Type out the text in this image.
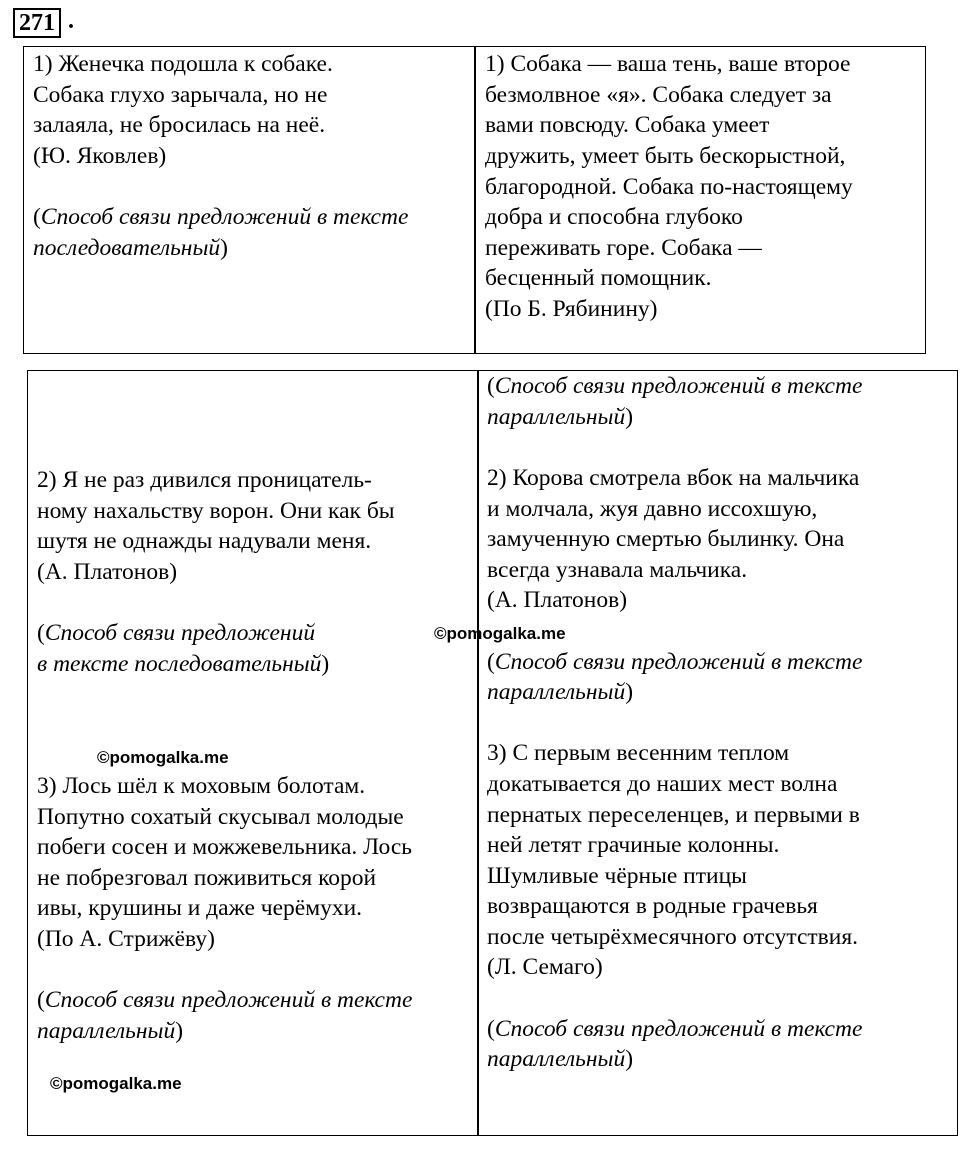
271 .
1) Женечка подошла к собаке.
Собака глухо зарычала, но не
залаяла, не бросилась на неё.
(Ю. Яковлев)
(Способ связи предложений в тексте
последовательный)
1) Собака — ваша тень, ваше второе
безмолвное «я». Собака следует за
вами повсюду. Собака умеет
дружить, умеет быть бескорыстной,
благородной. Собака по-настоящему
добра и способна глубоко
переживать горе. Собака —
бесценный помощник.
(По Б. Рябинину)
2) Я не раз дивился проницатель-
ному нахальству ворон. Они как бы
шутя не однажды надували меня.
(А. Платонов)
(Способ связи предложений
в тексте последовательный)
3) Лось шёл к моховым болотам.
Попутно сохатый скусывал молодые
побеги сосен и можжевельника. Лось
не побрезговал поживиться корой
ивы, крушины и даже черёмухи.
(По А. Стрижёву)
(Способ связи предложений в тексте
параллельный)
(Способ связи предложений в тексте
параллельный)
2) Корова смотрела вбок на мальчика
и молчала, жуя давно иссохшую,
замученную смертью былинку. Она
всегда узнавала мальчика.
(А. Платонов)
(Способ связи предложений в тексте
параллельный)
3) С первым весенним теплом
докатывается до наших мест волна
пернатых переселенцев, и первыми в
ней летят грачиные колонны.
Шумливые чёрные птицы
возвращаются в родные грачевья
после четырёхмесячного отсутствия.
(Л. Семаго)
(Способ связи предложений в тексте
параллельный)
©pomogalka.me
©pomogalka.me
©pomogalka.me
